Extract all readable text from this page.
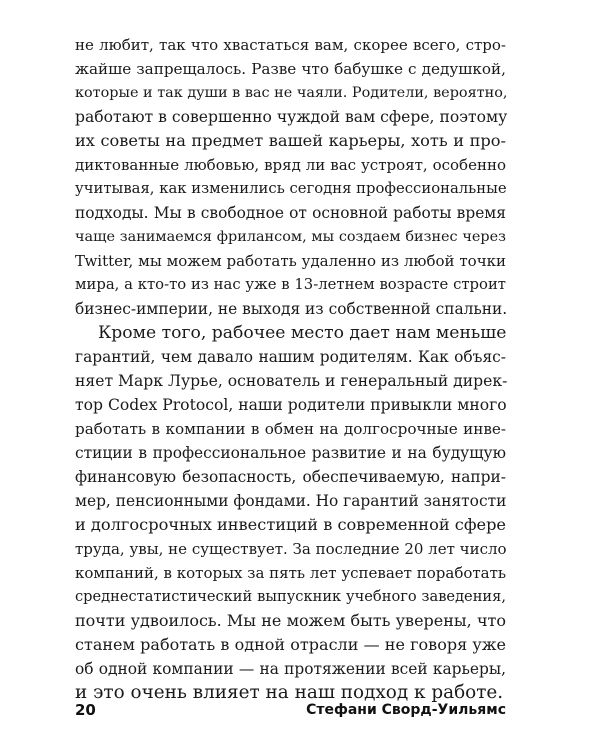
не любит, так что хвастаться вам, скорее всего, стро-
жайше запрещалось. Разве что бабушке с дедушкой,
которые и так души в вас не чаяли. Родители, вероятно,
работают в совершенно чуждой вам сфере, поэтому
их советы на предмет вашей карьеры, хоть и про-
диктованные любовью, вряд ли вас устроят, особенно
учитывая, как изменились сегодня профессиональные
подходы. Мы в свободное от основной работы время
чаще занимаемся фрилансом, мы создаем бизнес через
Twitter, мы можем работать удаленно из любой точки
мира, а кто-то из нас уже в 13-летнем возрасте строит
бизнес-империи, не выходя из собственной спальни.
Кроме того, рабочее место дает нам меньше
гарантий, чем давало нашим родителям. Как объяс-
няет Марк Лурье, основатель и генеральный дирек-
тор Codex Protocol, наши родители привыкли много
работать в компании в обмен на долгосрочные инве-
стиции в профессиональное развитие и на будущую
финансовую безопасность, обеспечиваемую, напри-
мер, пенсионными фондами. Но гарантий занятости
и долгосрочных инвестиций в современной сфере
труда, увы, не существует. За последние 20 лет число
компаний, в которых за пять лет успевает поработать
среднестатистический выпускник учебного заведения,
почти удвоилось. Мы не можем быть уверены, что
станем работать в одной отрасли — не говоря уже
об одной компании — на протяжении всей карьеры,
и это очень влияет на наш подход к работе.
20	Стефани Сворд-Уильямс
